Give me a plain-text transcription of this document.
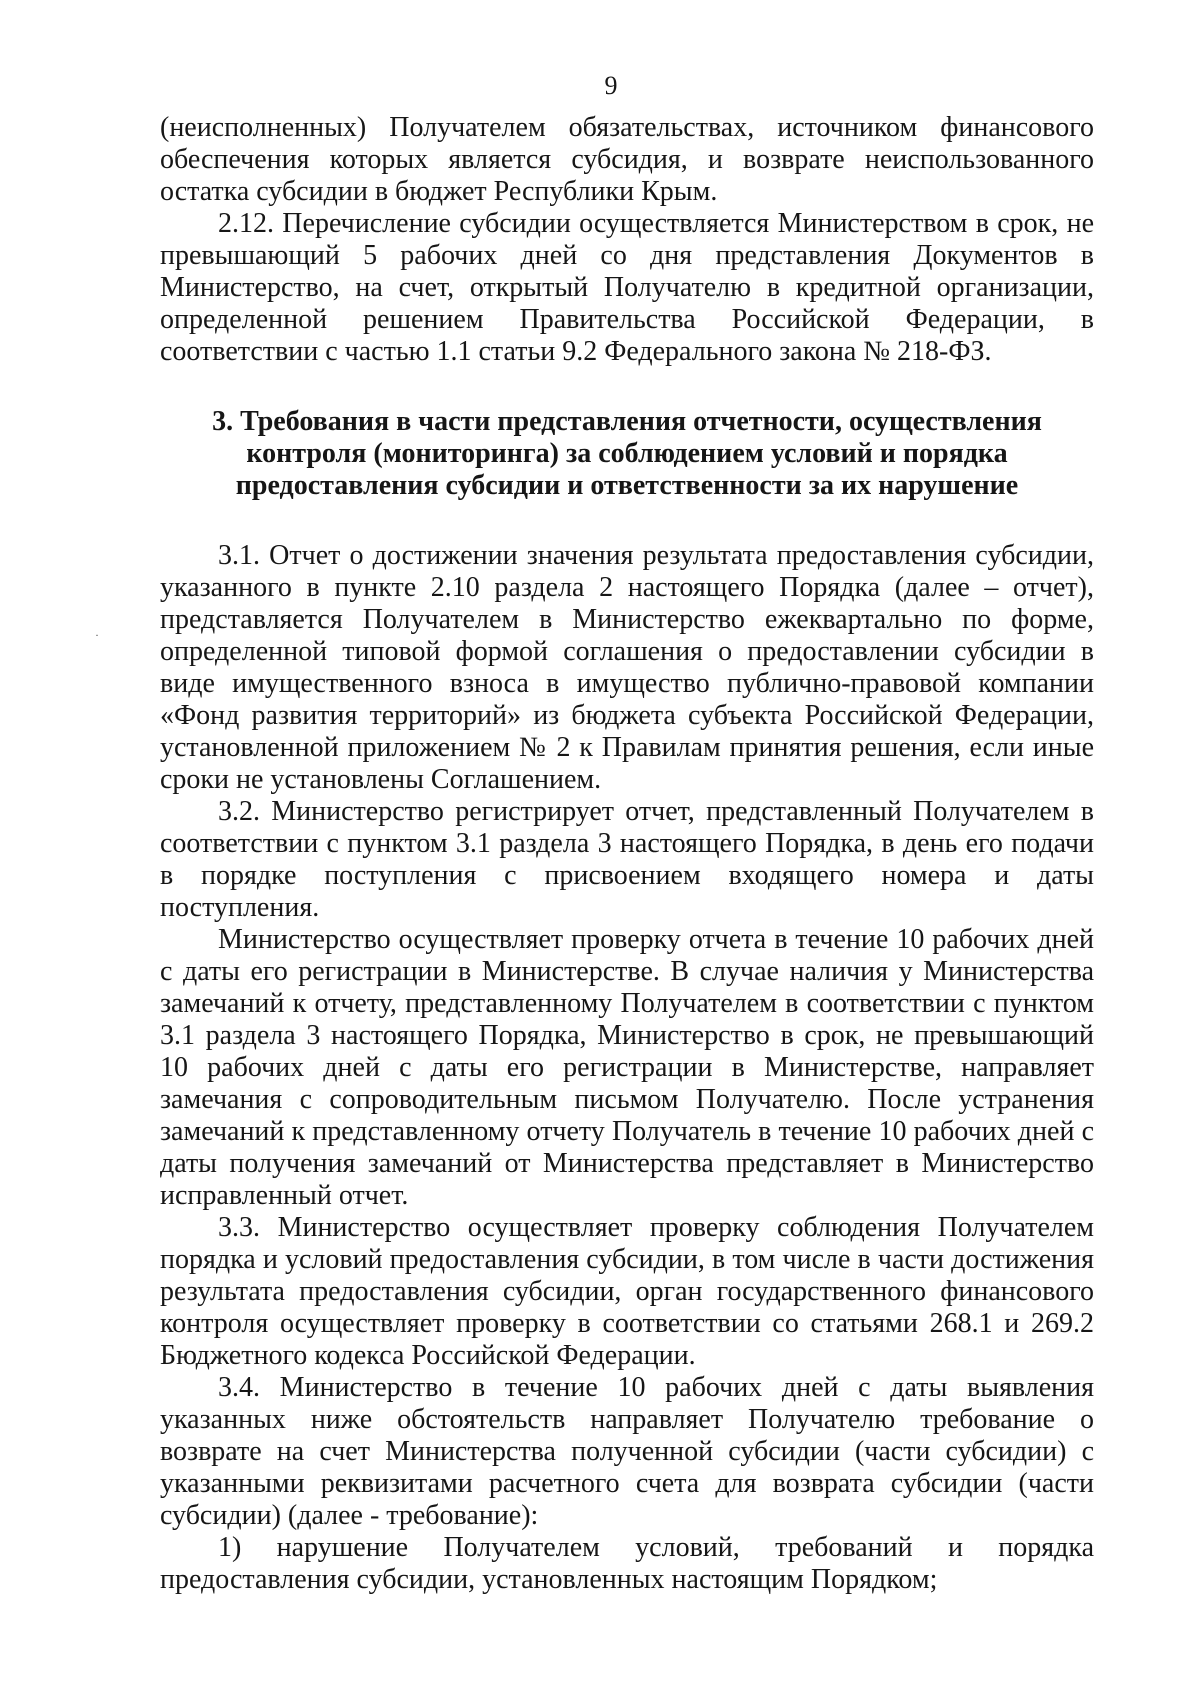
9
·

(неисполненных) Получателем обязательствах, источником финансового обеспечения которых является субсидия, и возврате неиспользованного остатка субсидии в бюджет Республики Крым.

2.12. Перечисление субсидии осуществляется Министерством в срок, не превышающий 5 рабочих дней со дня представления Документов в Министерство, на счет, открытый Получателю в кредитной организации, определенной решением Правительства Российской Федерации, в соответствии с частью 1.1 статьи 9.2 Федерального закона № 218-ФЗ.

3. Требования в части представления отчетности, осуществления
контроля (мониторинга) за соблюдением условий и порядка
предоставления субсидии и ответственности за их нарушение

3.1. Отчет о достижении значения результата предоставления субсидии, указанного в пункте 2.10 раздела 2 настоящего Порядка (далее – отчет), представляется Получателем в Министерство ежеквартально по форме, определенной типовой формой соглашения о предоставлении субсидии в виде имущественного взноса в имущество публично-правовой компании «Фонд развития территорий» из бюджета субъекта Российской Федерации, установленной приложением № 2 к Правилам принятия решения, если иные сроки не установлены Соглашением.

3.2. Министерство регистрирует отчет, представленный Получателем в соответствии с пунктом 3.1 раздела 3 настоящего Порядка, в день его подачи в порядке поступления с присвоением входящего номера и даты поступления.

Министерство осуществляет проверку отчета в течение 10 рабочих дней с даты его регистрации в Министерстве. В случае наличия у Министерства замечаний к отчету, представленному Получателем в соответствии с пунктом 3.1 раздела 3 настоящего Порядка, Министерство в срок, не превышающий 10 рабочих дней с даты его регистрации в Министерстве, направляет замечания с сопроводительным письмом Получателю. После устранения замечаний к представленному отчету Получатель в течение 10 рабочих дней с даты получения замечаний от Министерства представляет в Министерство исправленный отчет.

3.3. Министерство осуществляет проверку соблюдения Получателем порядка и условий предоставления субсидии, в том числе в части достижения результата предоставления субсидии, орган государственного финансового контроля осуществляет проверку в соответствии со статьями 268.1 и 269.2 Бюджетного кодекса Российской Федерации.

3.4. Министерство в течение 10 рабочих дней с даты выявления указанных ниже обстоятельств направляет Получателю требование о возврате на счет Министерства полученной субсидии (части субсидии) с указанными реквизитами расчетного счета для возврата субсидии (части субсидии) (далее - требование):

1) нарушение Получателем условий, требований и порядка предоставления субсидии, установленных настоящим Порядком;
